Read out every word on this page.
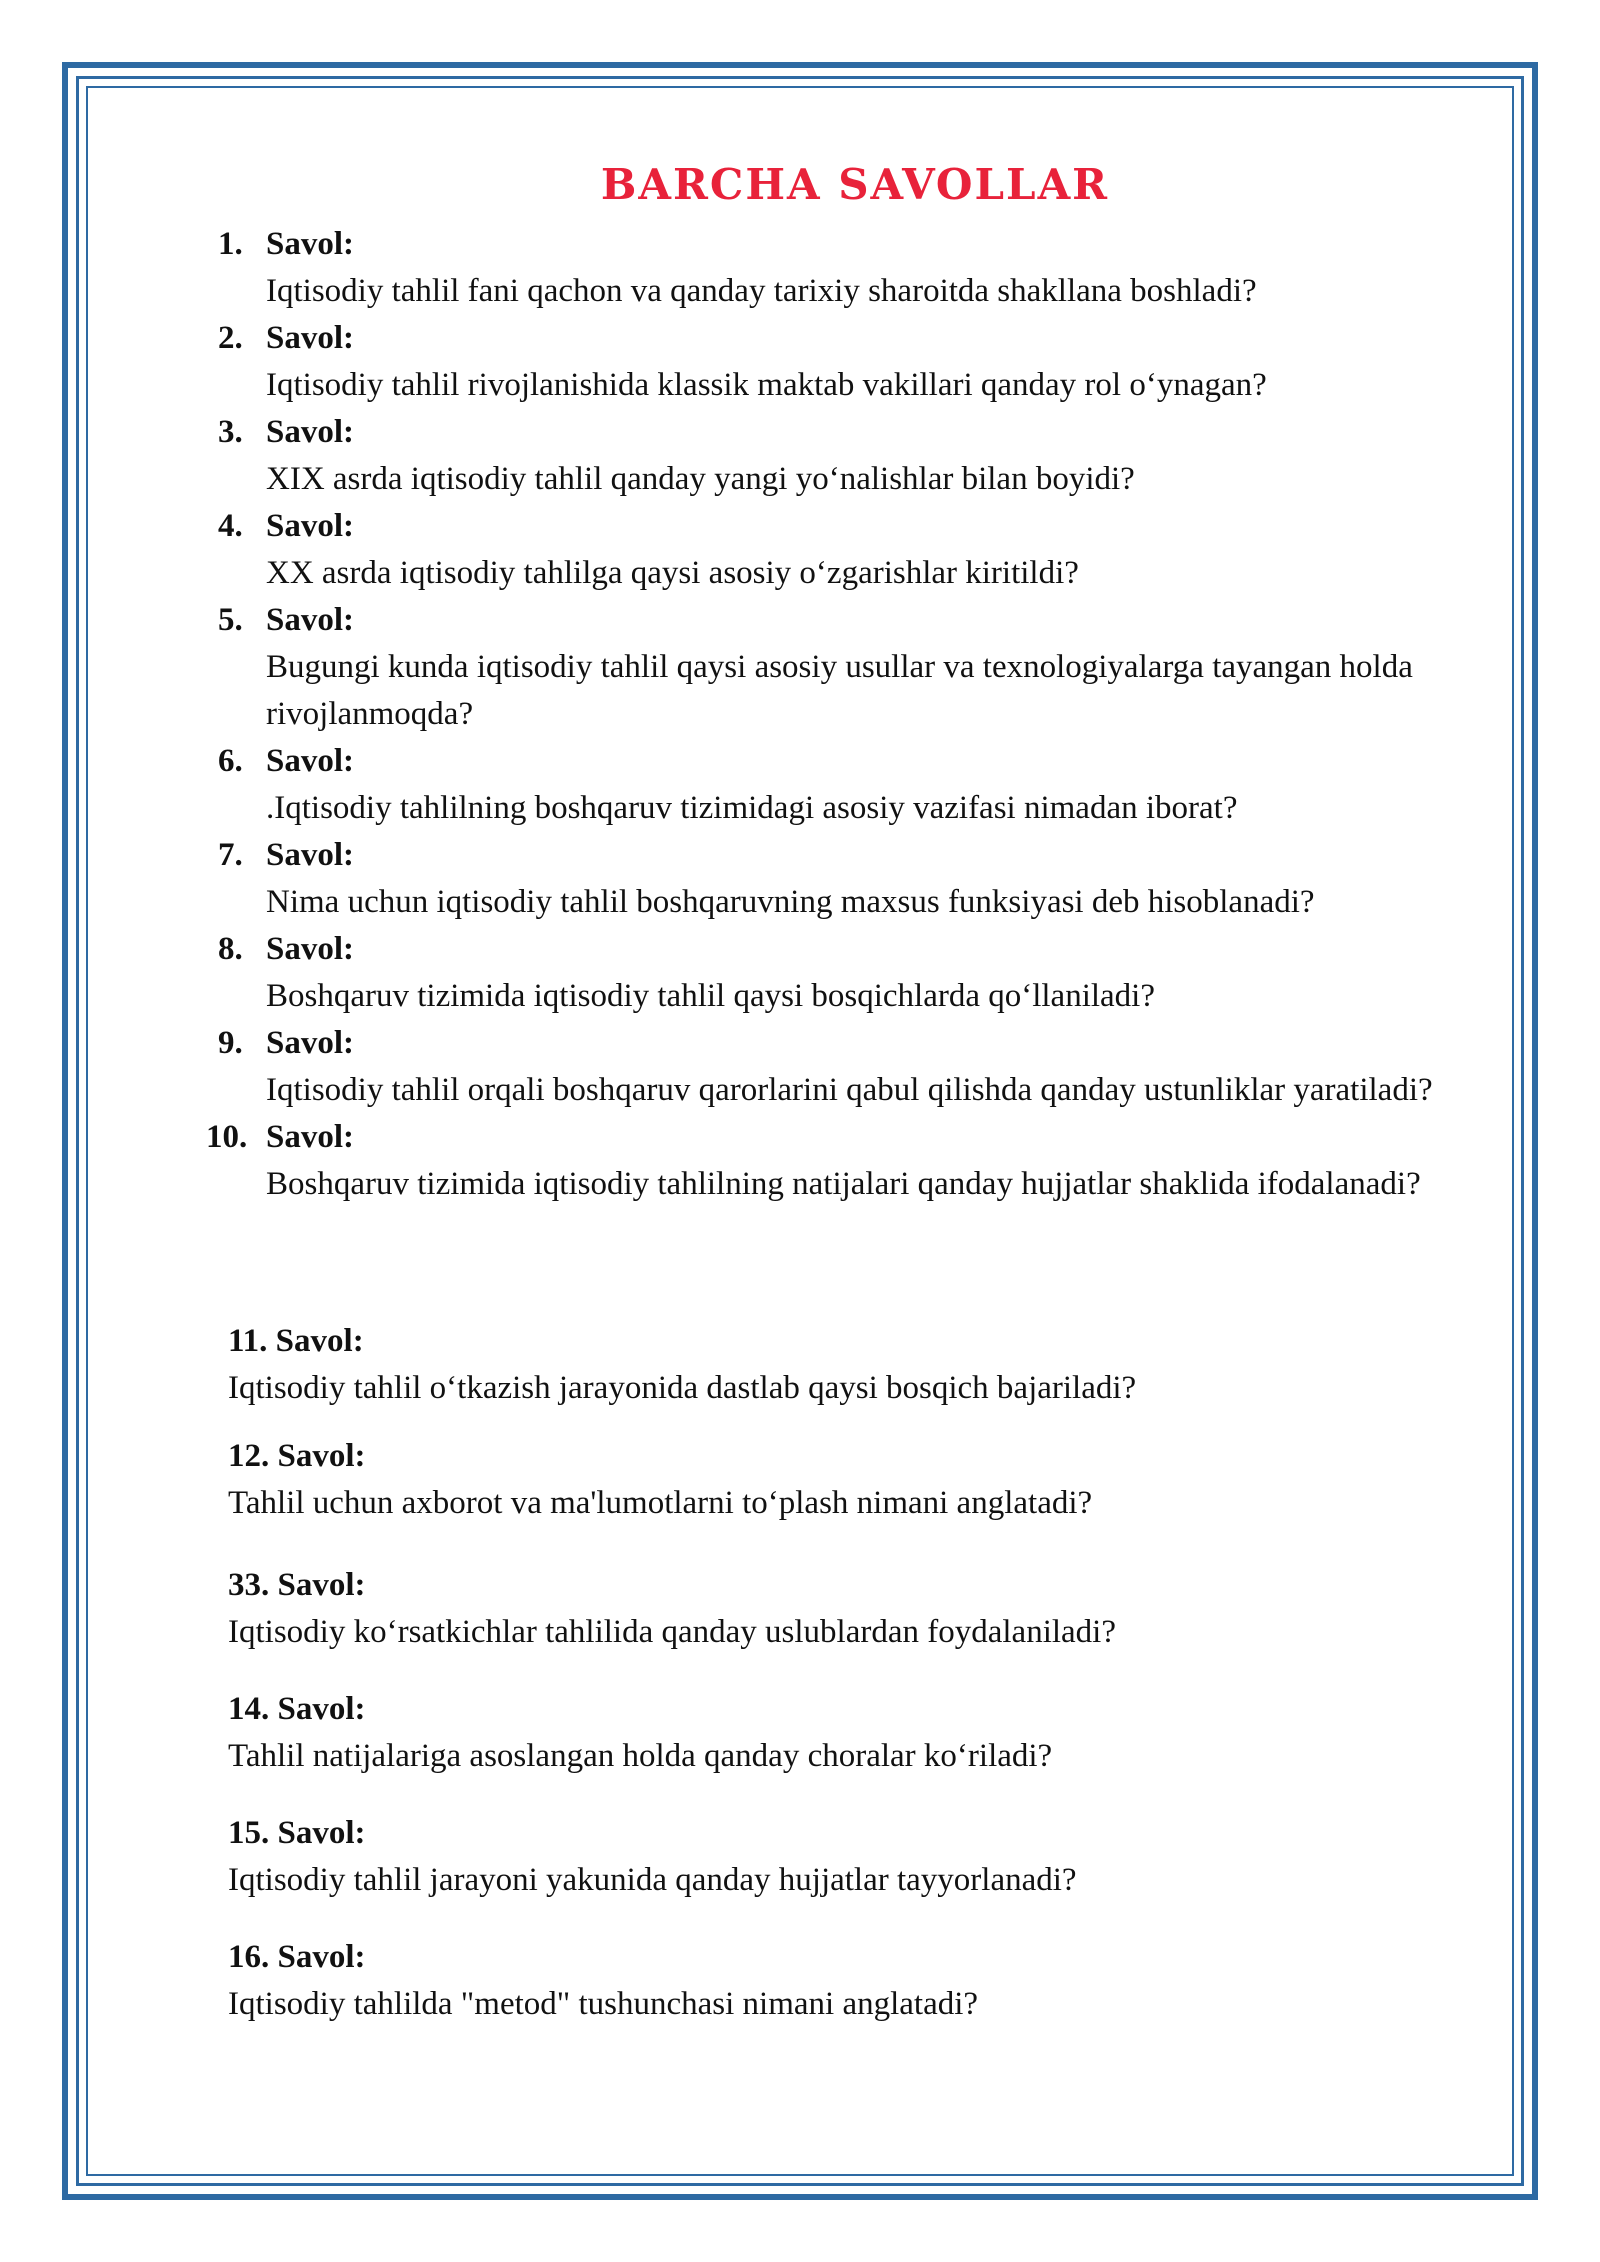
BARCHA SAVOLLAR
1. Savol:
Iqtisodiy tahlil fani qachon va qanday tarixiy sharoitda shakllana boshladi?
2. Savol:
Iqtisodiy tahlil rivojlanishida klassik maktab vakillari qanday rol o‘ynagan?
3. Savol:
XIX asrda iqtisodiy tahlil qanday yangi yo‘nalishlar bilan boyidi?
4. Savol:
XX asrda iqtisodiy tahlilga qaysi asosiy o‘zgarishlar kiritildi?
5. Savol:
Bugungi kunda iqtisodiy tahlil qaysi asosiy usullar va texnologiyalarga tayangan holda rivojlanmoqda?
6. Savol:
.Iqtisodiy tahlilning boshqaruv tizimidagi asosiy vazifasi nimadan iborat?
7. Savol:
Nima uchun iqtisodiy tahlil boshqaruvning maxsus funksiyasi deb hisoblanadi?
8. Savol:
Boshqaruv tizimida iqtisodiy tahlil qaysi bosqichlarda qo‘llaniladi?
9. Savol:
Iqtisodiy tahlil orqali boshqaruv qarorlarini qabul qilishda qanday ustunliklar yaratiladi?
10. Savol:
Boshqaruv tizimida iqtisodiy tahlilning natijalari qanday hujjatlar shaklida ifodalanadi?
11. Savol:
Iqtisodiy tahlil o‘tkazish jarayonida dastlab qaysi bosqich bajariladi?
12. Savol:
Tahlil uchun axborot va ma'lumotlarni to‘plash nimani anglatadi?
33. Savol:
Iqtisodiy ko‘rsatkichlar tahlilida qanday uslublardan foydalaniladi?
14. Savol:
Tahlil natijalariga asoslangan holda qanday choralar ko‘riladi?
15. Savol:
Iqtisodiy tahlil jarayoni yakunida qanday hujjatlar tayyorlanadi?
16. Savol:
Iqtisodiy tahlilda "metod" tushunchasi nimani anglatadi?
